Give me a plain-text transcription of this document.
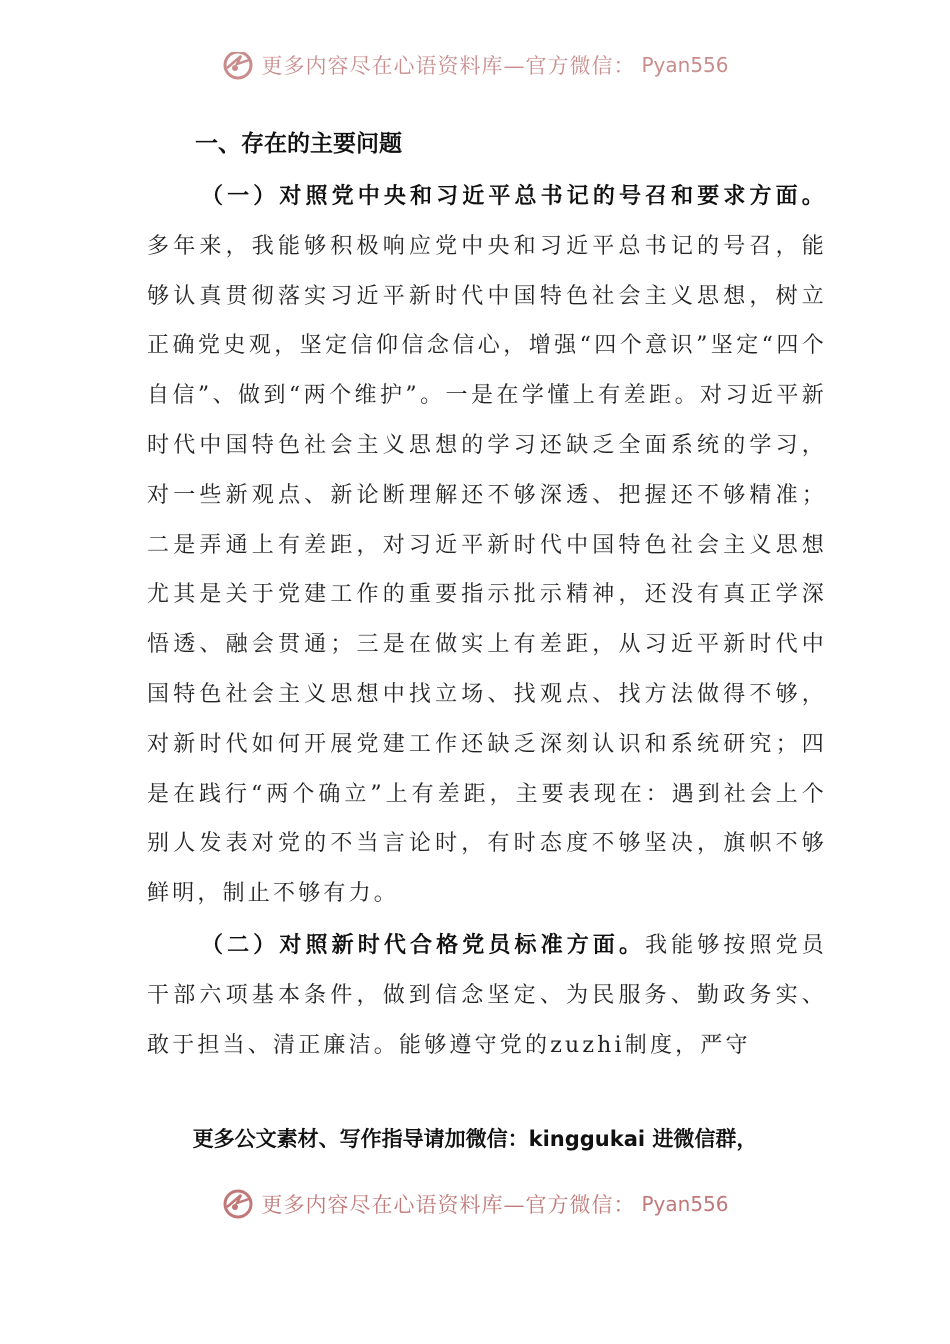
更多内容尽在心语资料库—官方微信： Pyan556
一、存在的主要问题

（一）对照党中央和习近平总书记的号召和要求方面。多年来，我能够积极响应党中央和习近平总书记的号召，能够认真贯彻落实习近平新时代中国特色社会主义思想，树立正确党史观，坚定信仰信念信心，增强“四个意识”坚定“四个自信”、做到“两个维护”。一是在学懂上有差距。对习近平新时代中国特色社会主义思想的学习还缺乏全面系统的学习，对一些新观点、新论断理解还不够深透、把握还不够精准；二是弄通上有差距，对习近平新时代中国特色社会主义思想尤其是关于党建工作的重要指示批示精神，还没有真正学深悟透、融会贯通；三是在做实上有差距，从习近平新时代中国特色社会主义思想中找立场、找观点、找方法做得不够，对新时代如何开展党建工作还缺乏深刻认识和系统研究；四是在践行“两个确立”上有差距，主要表现在：遇到社会上个别人发表对党的不当言论时，有时态度不够坚决，旗帜不够鲜明，制止不够有力。

（二）对照新时代合格党员标准方面。我能够按照党员干部六项基本条件，做到信念坚定、为民服务、勤政务实、敢于担当、清正廉洁。能够遵守党的zuzhi制度，严守

更多公文素材、写作指导请加微信：kinggukai 进微信群，
更多内容尽在心语资料库—官方微信： Pyan556
